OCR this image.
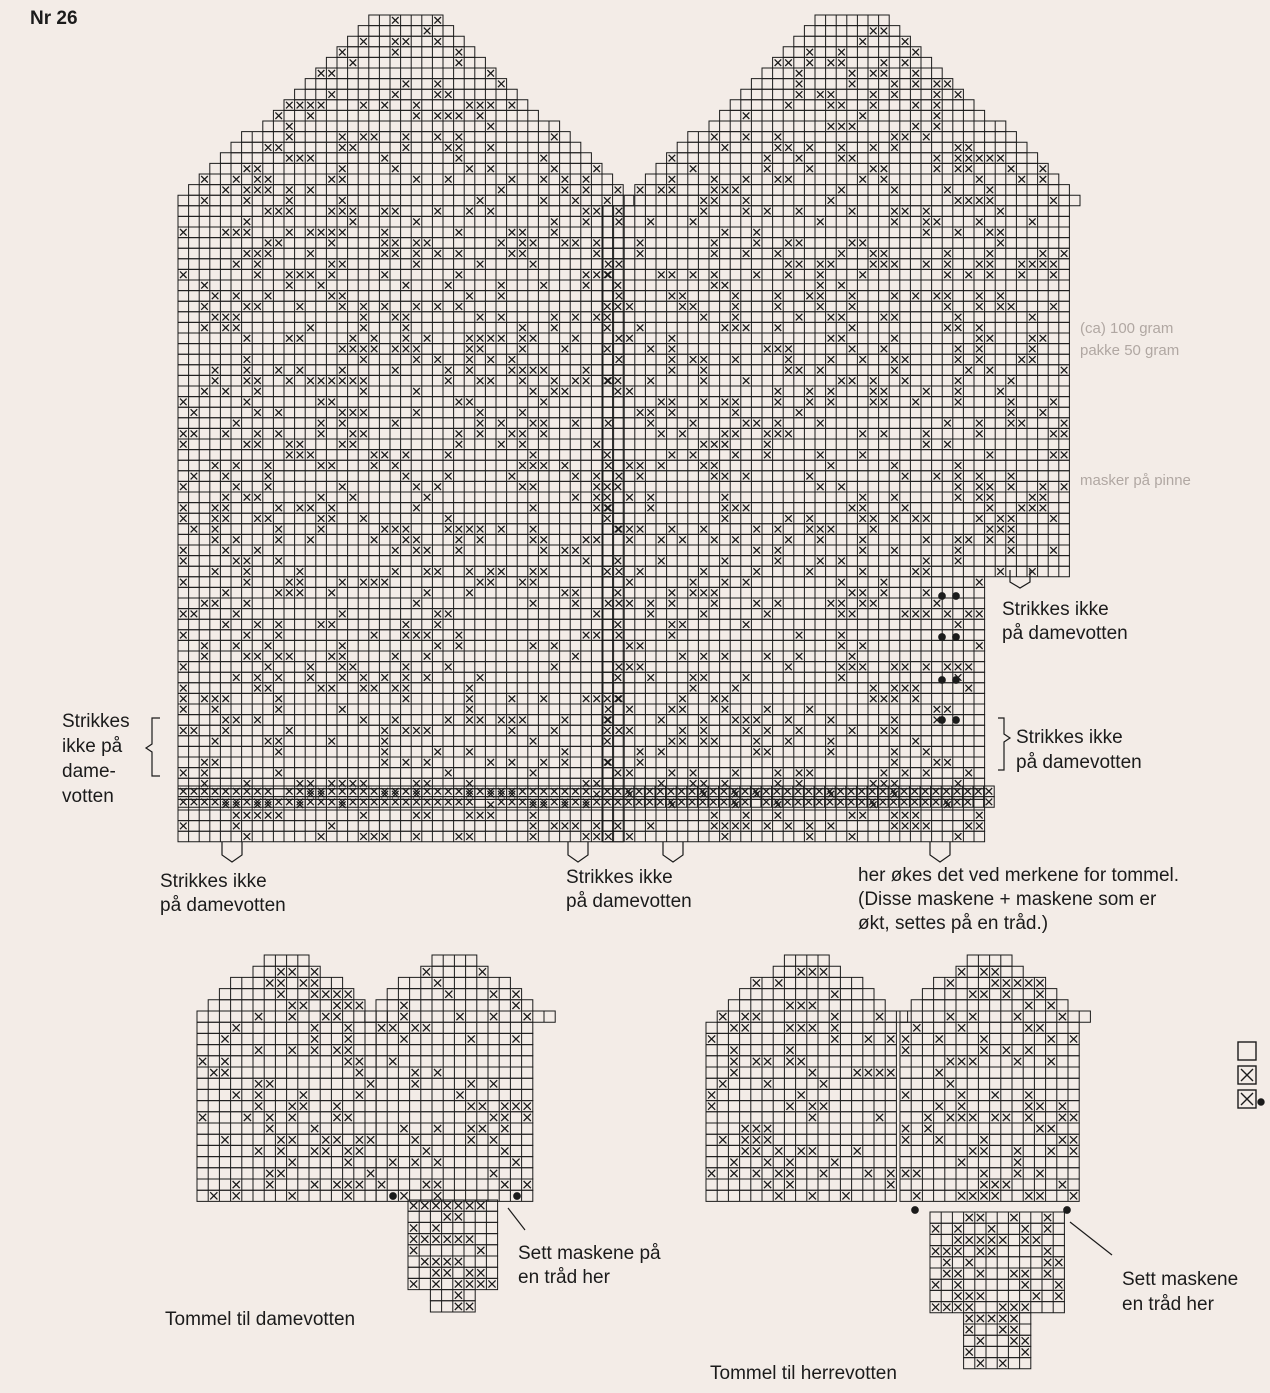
Nr 26
Strikkes
ikke på
dame-
votten
Strikkes ikke
på damevotten
Strikkes ikke
på damevotten
Strikkes ikke
på damevotten
Strikkes ikke
på damevotten
her økes det ved merkene for tommel.
(Disse maskene + maskene som er
økt, settes på en tråd.)
Sett maskene på
en tråd her	Sett maskene
en tråd her
Tommel til damevotten
Tommel til herrevotten
(ca) 100 gram
pakke 50 gram
masker på pinne
